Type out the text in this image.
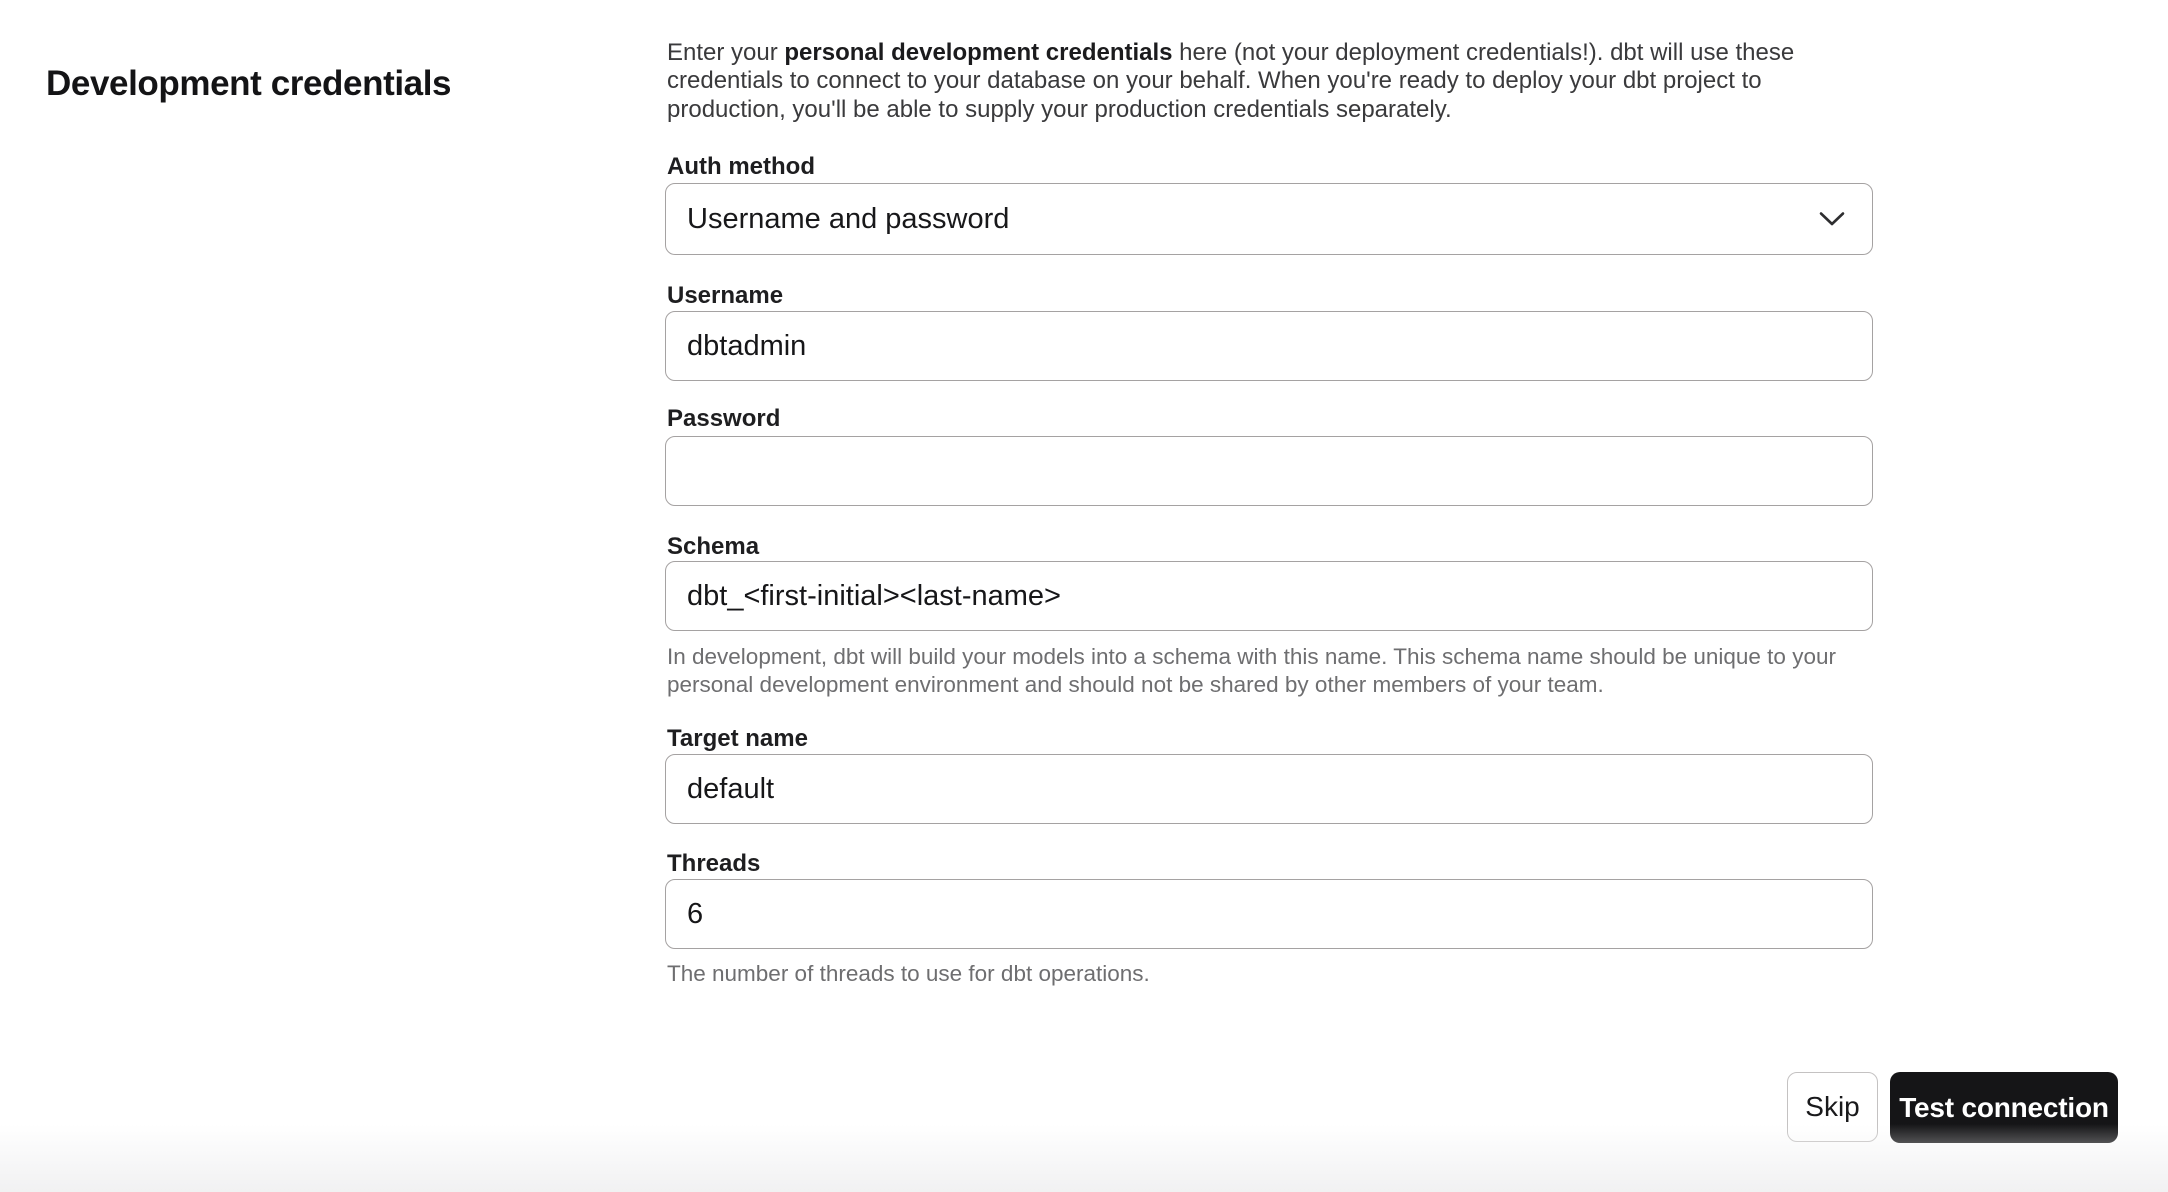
Development credentials
Enter your personal development credentials here (not your deployment credentials!). dbt will use these
credentials to connect to your database on your behalf. When you're ready to deploy your dbt project to
production, you'll be able to supply your production credentials separately.
Auth method
Username and password
Username
dbtadmin
Password
Schema
dbt_<first-initial><last-name>
In development, dbt will build your models into a schema with this name. This schema name should be unique to your
personal development environment and should not be shared by other members of your team.
Target name
default
Threads
6
The number of threads to use for dbt operations.
Skip	Test connection
